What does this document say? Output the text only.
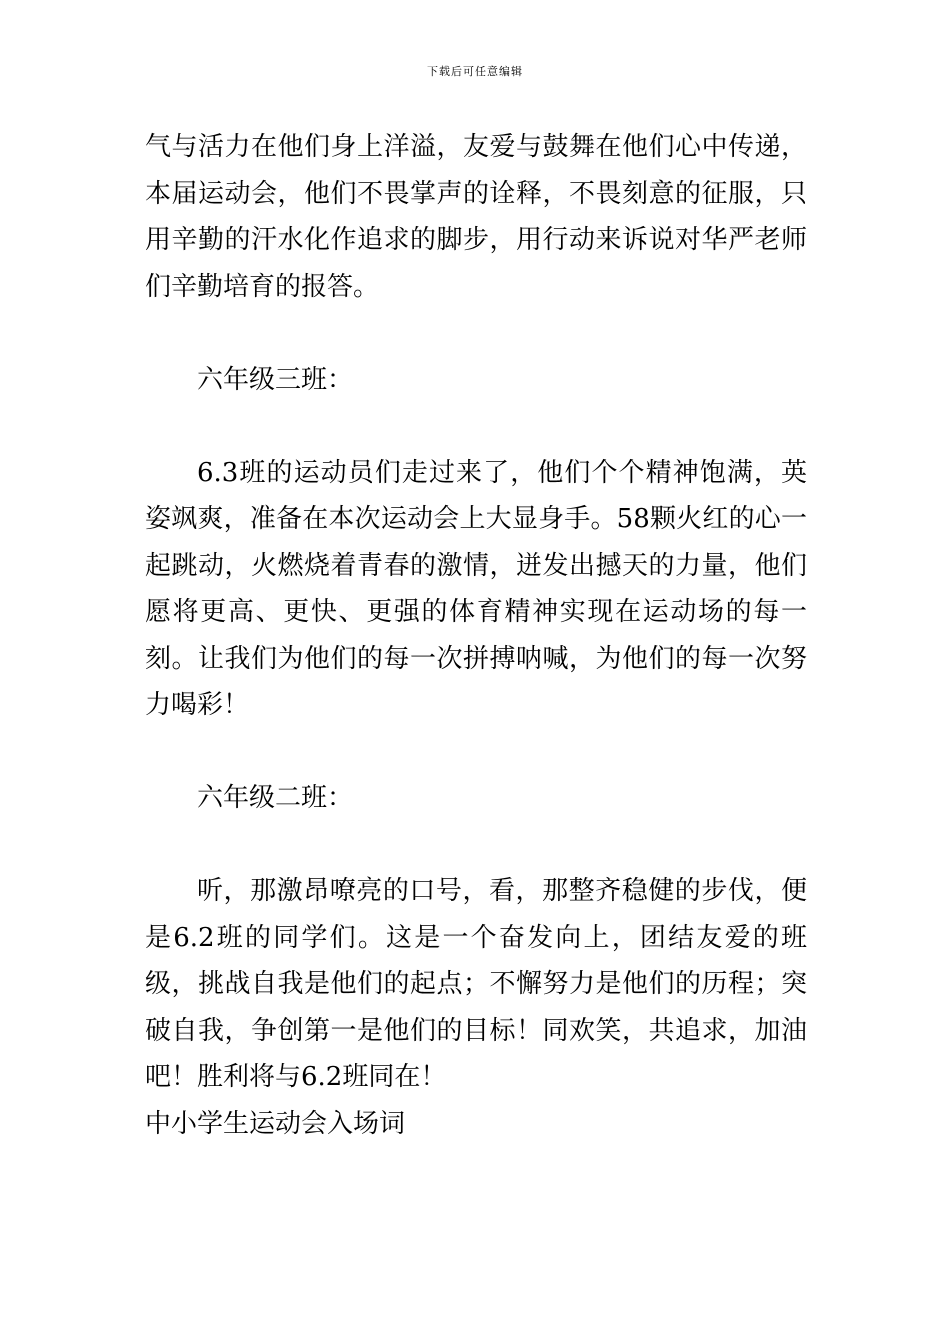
下载后可任意编辑

气与活力在他们身上洋溢，友爱与鼓舞在他们心中传递，本届运动会，他们不畏掌声的诠释，不畏刻意的征服，只用辛勤的汗水化作追求的脚步，用行动来诉说对华严老师们辛勤培育的报答。

六年级三班：

6.3班的运动员们走过来了，他们个个精神饱满，英姿飒爽，准备在本次运动会上大显身手。58颗火红的心一起跳动，火燃烧着青春的激情，迸发出撼天的力量，他们愿将更高、更快、更强的体育精神实现在运动场的每一刻。让我们为他们的每一次拼搏呐喊，为他们的每一次努力喝彩！

六年级二班：

听，那激昂嘹亮的口号，看，那整齐稳健的步伐，便是6.2班的同学们。这是一个奋发向上，团结友爱的班级，挑战自我是他们的起点；不懈努力是他们的历程；突破自我，争创第一是他们的目标！同欢笑，共追求，加油吧！胜利将与6.2班同在！

中小学生运动会入场词
